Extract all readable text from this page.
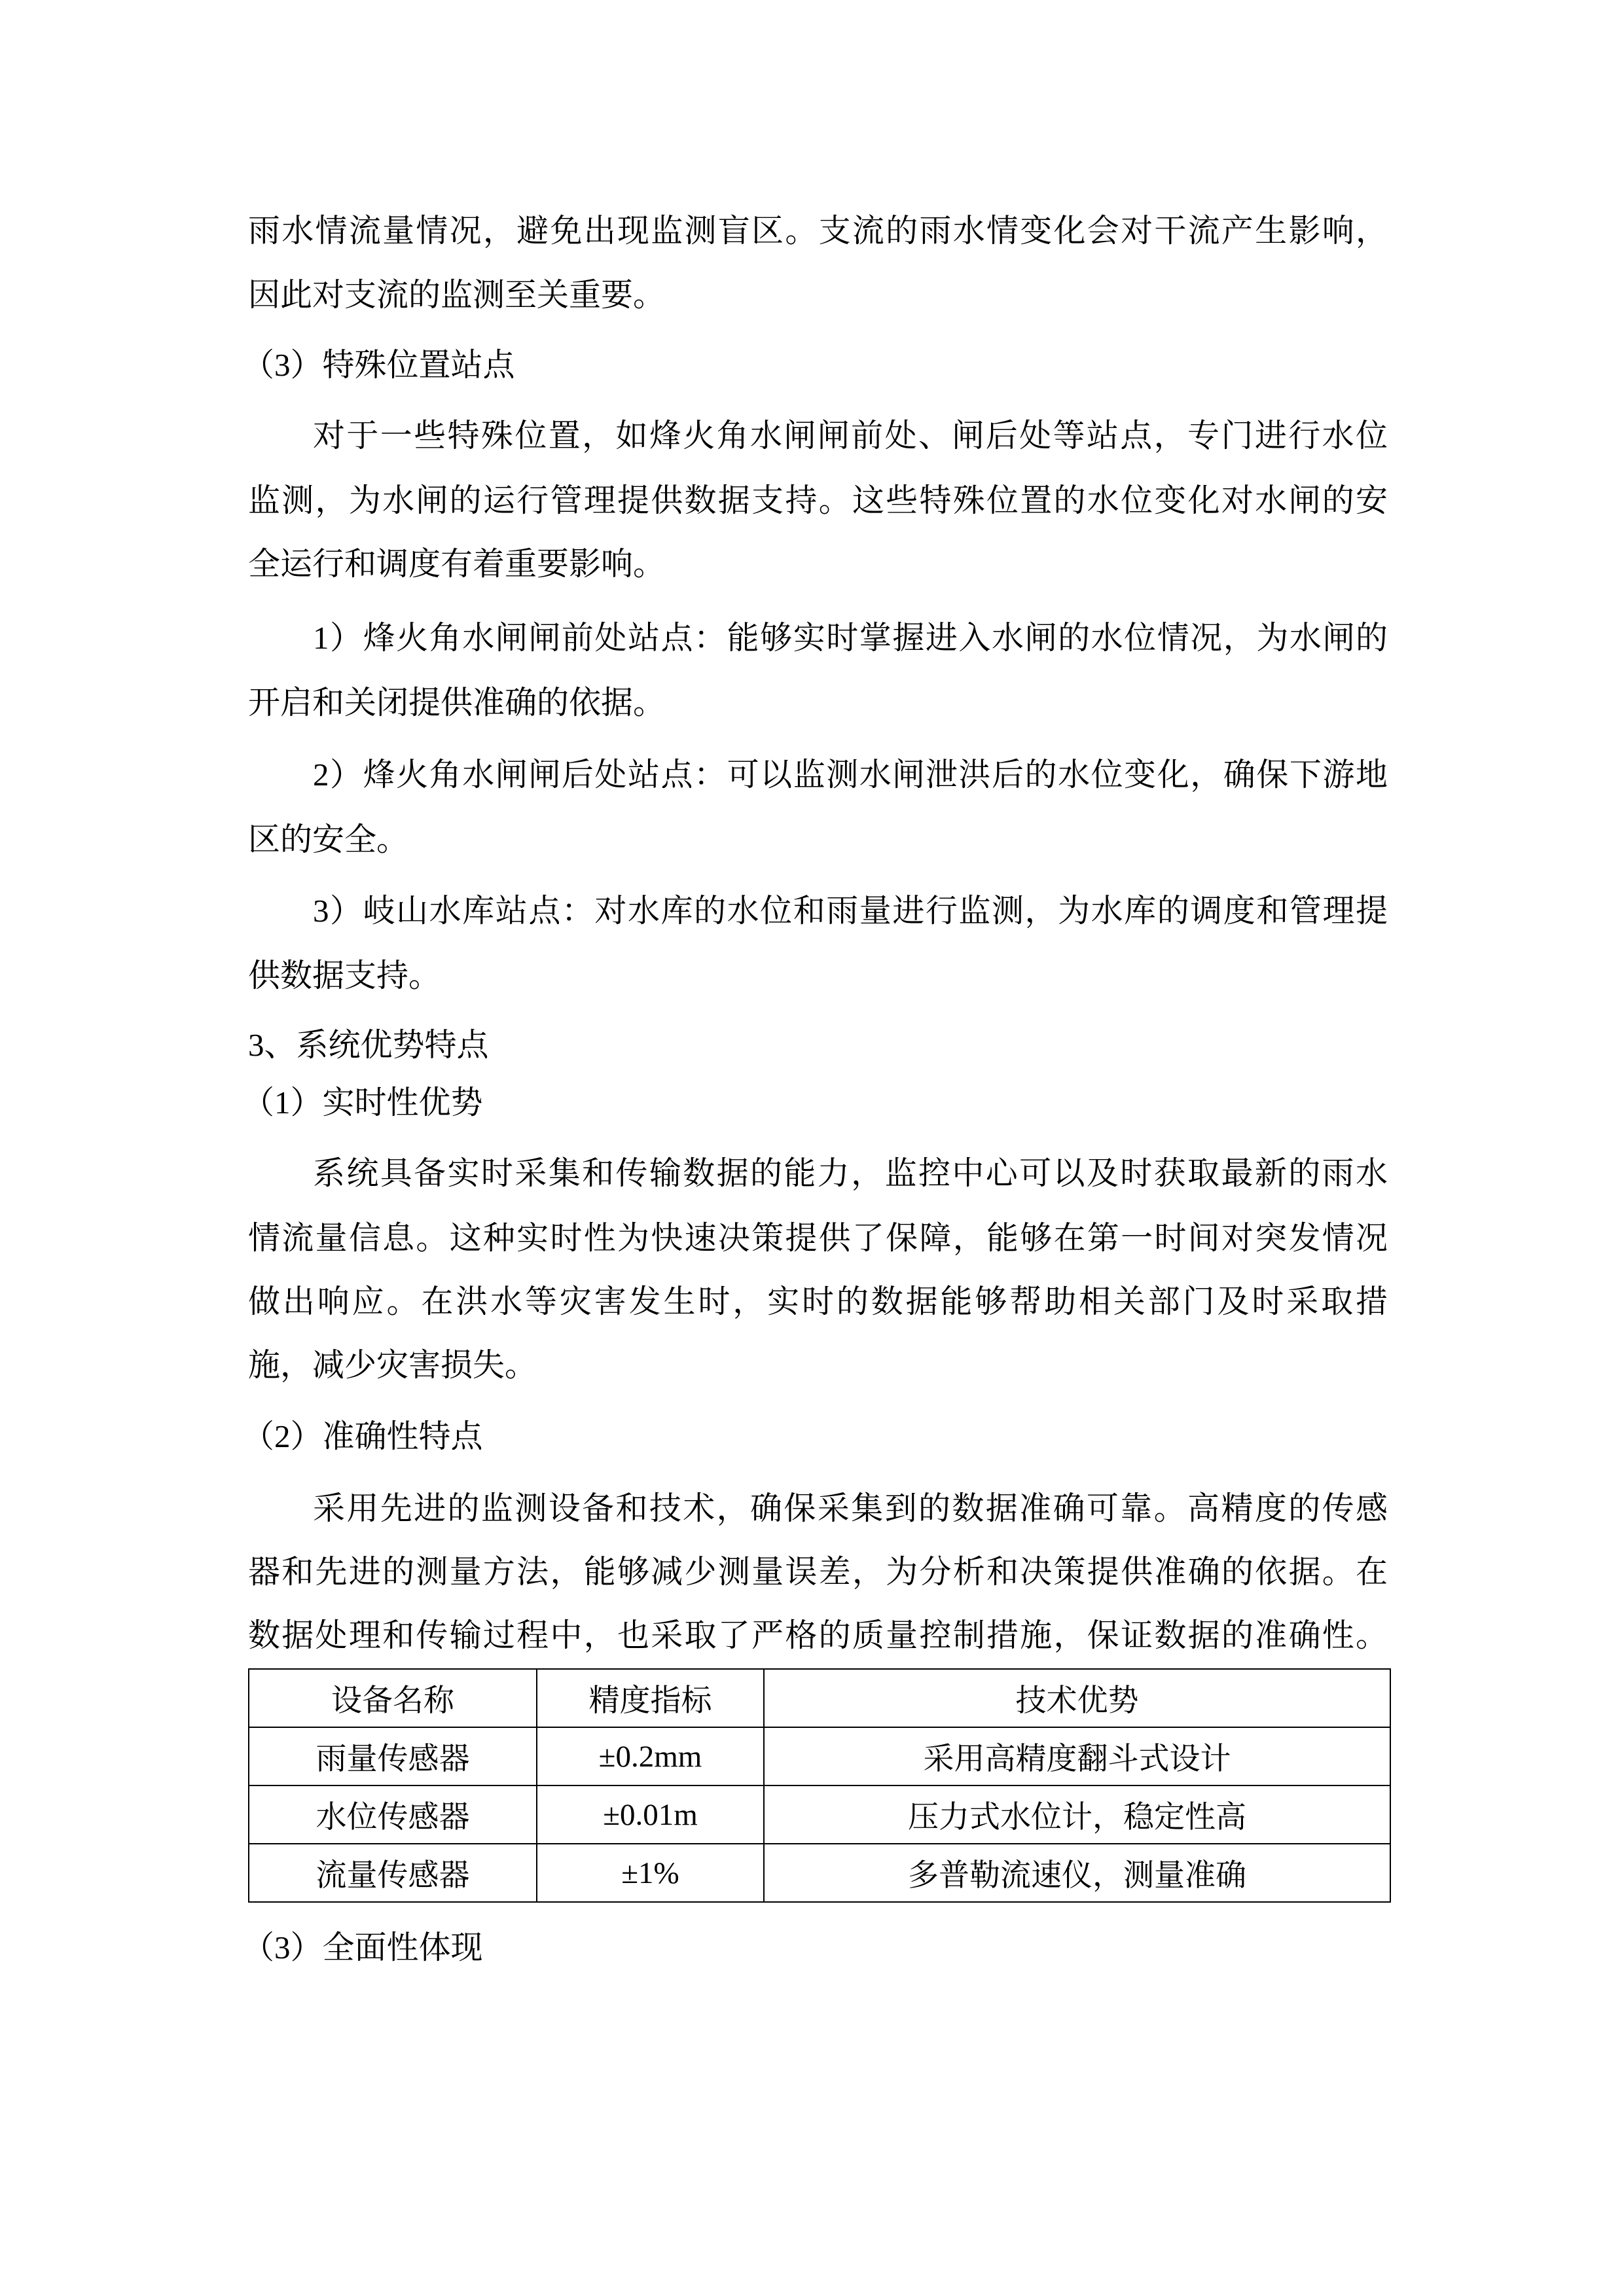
雨水情流量情况，避免出现监测盲区。支流的雨水情变化会对干流产生影响，
因此对支流的监测至关重要。
（3）特殊位置站点
对于一些特殊位置，如烽火角水闸闸前处、闸后处等站点，专门进行水位
监测，为水闸的运行管理提供数据支持。这些特殊位置的水位变化对水闸的安
全运行和调度有着重要影响。
1）烽火角水闸闸前处站点：能够实时掌握进入水闸的水位情况，为水闸的
开启和关闭提供准确的依据。
2）烽火角水闸闸后处站点：可以监测水闸泄洪后的水位变化，确保下游地
区的安全。
3）岐山水库站点：对水库的水位和雨量进行监测，为水库的调度和管理提
供数据支持。
3、系统优势特点
（1）实时性优势
系统具备实时采集和传输数据的能力，监控中心可以及时获取最新的雨水
情流量信息。这种实时性为快速决策提供了保障，能够在第一时间对突发情况
做出响应。在洪水等灾害发生时，实时的数据能够帮助相关部门及时采取措
施，减少灾害损失。
（2）准确性特点
采用先进的监测设备和技术，确保采集到的数据准确可靠。高精度的传感
器和先进的测量方法，能够减少测量误差，为分析和决策提供准确的依据。在
数据处理和传输过程中，也采取了严格的质量控制措施，保证数据的准确性。
设备名称	精度指标	技术优势
雨量传感器	±0.2mm	采用高精度翻斗式设计
水位传感器	±0.01m	压力式水位计，稳定性高
流量传感器	±1%	多普勒流速仪，测量准确
（3）全面性体现
